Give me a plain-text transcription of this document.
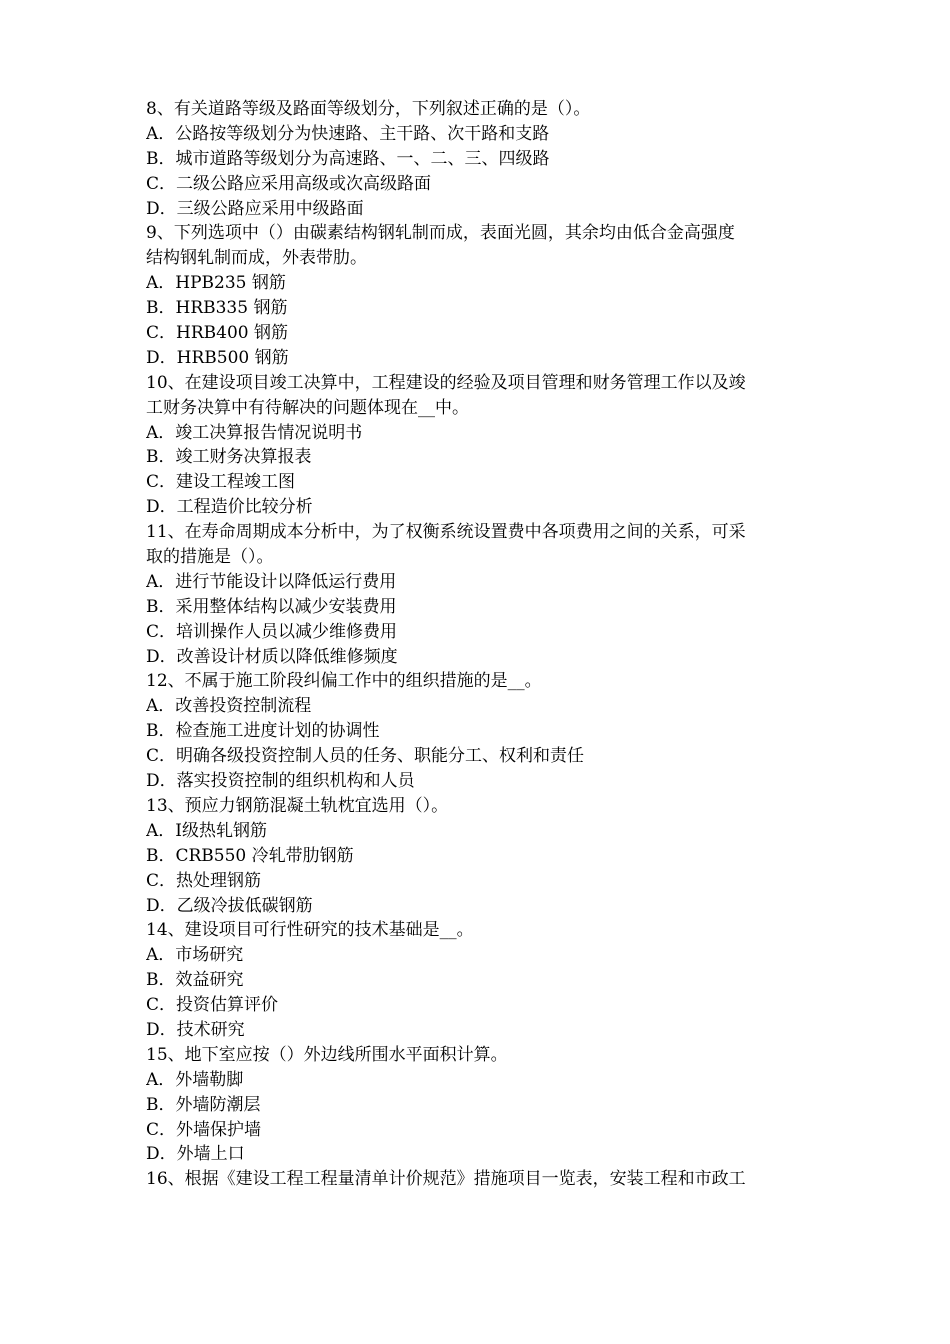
8、有关道路等级及路面等级划分，下列叙述正确的是（）。
A．公路按等级划分为快速路、主干路、次干路和支路
B．城市道路等级划分为高速路、一、二、三、四级路
C．二级公路应采用高级或次高级路面
D．三级公路应采用中级路面
9、下列选项中（）由碳素结构钢轧制而成，表面光圆，其余均由低合金高强度
结构钢轧制而成，外表带肋。
A．HPB235 钢筋
B．HRB335 钢筋
C．HRB400 钢筋
D．HRB500 钢筋
10、在建设项目竣工决算中，工程建设的经验及项目管理和财务管理工作以及竣
工财务决算中有待解决的问题体现在__中。
A．竣工决算报告情况说明书
B．竣工财务决算报表
C．建设工程竣工图
D．工程造价比较分析
11、在寿命周期成本分析中，为了权衡系统设置费中各项费用之间的关系，可采
取的措施是（）。
A．进行节能设计以降低运行费用
B．采用整体结构以减少安装费用
C．培训操作人员以减少维修费用
D．改善设计材质以降低维修频度
12、不属于施工阶段纠偏工作中的组织措施的是__。
A．改善投资控制流程
B．检查施工进度计划的协调性
C．明确各级投资控制人员的任务、职能分工、权利和责任
D．落实投资控制的组织机构和人员
13、预应力钢筋混凝土轨枕宜选用（）。
A．Ⅰ级热轧钢筋
B．CRB550 冷轧带肋钢筋
C．热处理钢筋
D．乙级冷拔低碳钢筋
14、建设项目可行性研究的技术基础是__。
A．市场研究
B．效益研究
C．投资估算评价
D．技术研究
15、地下室应按（）外边线所围水平面积计算。
A．外墙勒脚
B．外墙防潮层
C．外墙保护墙
D．外墙上口
16、根据《建设工程工程量清单计价规范》措施项目一览表，安装工程和市政工
